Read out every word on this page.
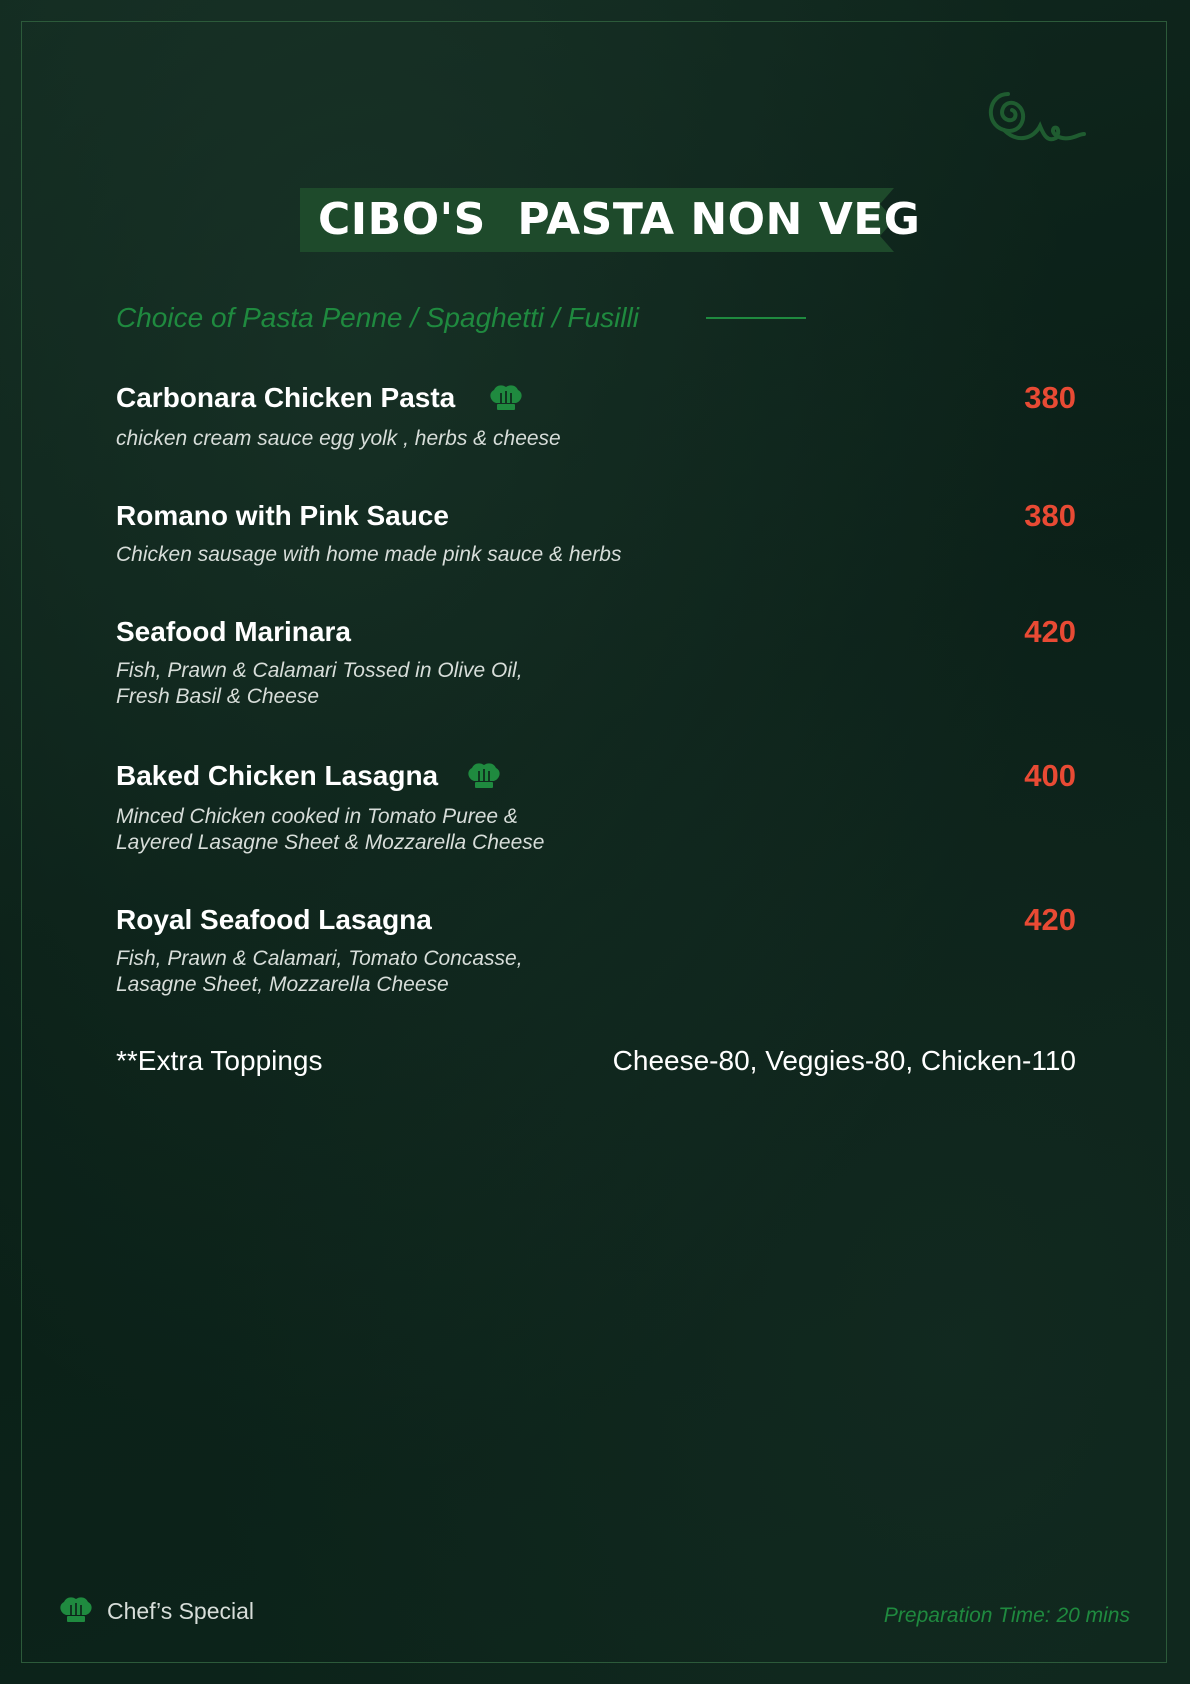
CIBO'S  PASTA NON VEG
Choice of Pasta Penne / Spaghetti / Fusilli
Carbonara Chicken Pasta	380
chicken cream sauce egg yolk , herbs & cheese
Romano with Pink Sauce	380
Chicken sausage with home made pink sauce & herbs
Seafood Marinara	420
Fish, Prawn & Calamari Tossed in Olive Oil,
Fresh Basil & Cheese
Baked Chicken Lasagna	400
Minced Chicken cooked in Tomato Puree &
Layered Lasagne Sheet & Mozzarella Cheese
Royal Seafood Lasagna	420
Fish, Prawn & Calamari, Tomato Concasse,
Lasagne Sheet, Mozzarella Cheese
**Extra Toppings	Cheese-80, Veggies-80, Chicken-110
Chef’s Special	Preparation Time: 20 mins
